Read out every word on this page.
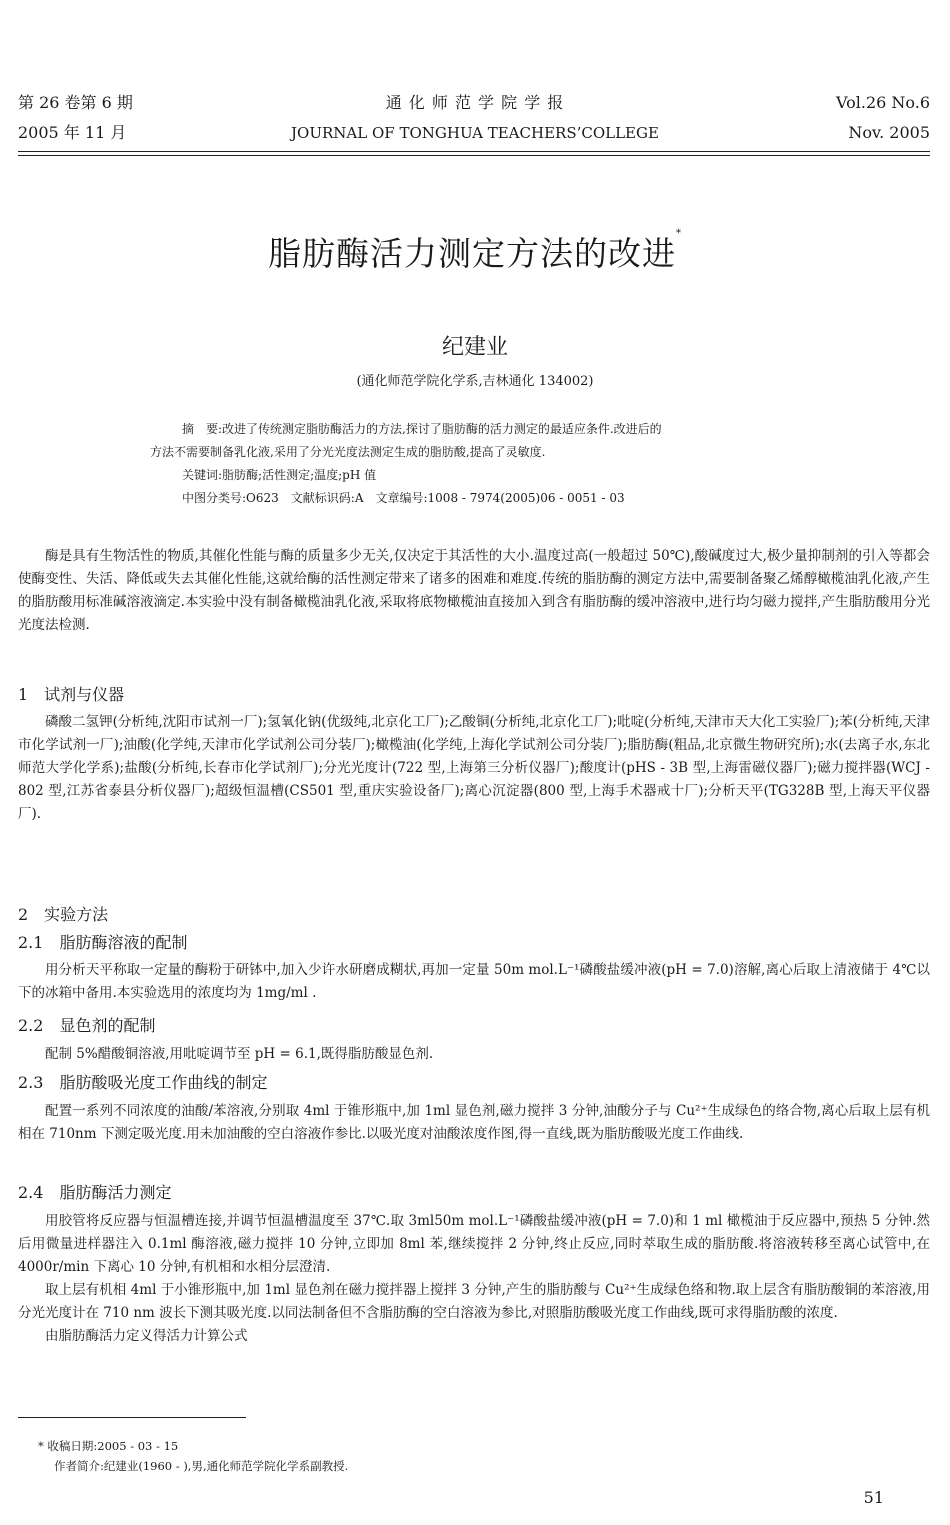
第 26 卷第 6 期
2005 年 11 月
通 化 师 范 学 院 学 报
JOURNAL OF TONGHUA TEACHERS’COLLEGE
Vol.26 No.6
Nov. 2005
脂肪酶活力测定方法的改进*
纪建业
(通化师范学院化学系,吉林通化 134002)

摘　要:改进了传统测定脂肪酶活力的方法,探讨了脂肪酶的活力测定的最适应条件.改进后的

方法不需要制备乳化液,采用了分光光度法测定生成的脂肪酸,提高了灵敏度.

关键词:脂肪酶;活性测定;温度;pH 值

中图分类号:O623　文献标识码:A　文章编号:1008 - 7974(2005)06 - 0051 - 03

酶是具有生物活性的物质,其催化性能与酶的质量多少无关,仅决定于其活性的大小.温度过高(一般超过 50℃),酸碱度过大,极少量抑制剂的引入等都会使酶变性、失活、降低或失去其催化性能,这就给酶的活性测定带来了诸多的困难和难度.传统的脂肪酶的测定方法中,需要制备聚乙烯醇橄榄油乳化液,产生的脂肪酸用标准碱溶液滴定.本实验中没有制备橄榄油乳化液,采取将底物橄榄油直接加入到含有脂肪酶的缓冲溶液中,进行均匀磁力搅拌,产生脂肪酸用分光光度法检测.

1　试剂与仪器

磷酸二氢钾(分析纯,沈阳市试剂一厂);氢氧化钠(优级纯,北京化工厂);乙酸铜(分析纯,北京化工厂);吡啶(分析纯,天津市天大化工实验厂);苯(分析纯,天津市化学试剂一厂);油酸(化学纯,天津市化学试剂公司分装厂);橄榄油(化学纯,上海化学试剂公司分装厂);脂肪酶(粗品,北京微生物研究所);水(去离子水,东北师范大学化学系);盐酸(分析纯,长春市化学试剂厂);分光光度计(722 型,上海第三分析仪器厂);酸度计(pHS - 3B 型,上海雷磁仪器厂);磁力搅拌器(WCJ - 802 型,江苏省泰县分析仪器厂);超级恒温槽(CS501 型,重庆实验设备厂);离心沉淀器(800 型,上海手术器戒十厂);分析天平(TG328B 型,上海天平仪器厂).

2　实验方法
2.1　脂肪酶溶液的配制

用分析天平称取一定量的酶粉于研钵中,加入少许水研磨成糊状,再加一定量 50m mol.L⁻¹磷酸盐缓冲液(pH = 7.0)溶解,离心后取上清液储于 4℃以下的冰箱中备用.本实验选用的浓度均为 1mg/ml .

2.2　显色剂的配制

配制 5%醋酸铜溶液,用吡啶调节至 pH = 6.1,既得脂肪酸显色剂.

2.3　脂肪酸吸光度工作曲线的制定

配置一系列不同浓度的油酸/苯溶液,分别取 4ml 于锥形瓶中,加 1ml 显色剂,磁力搅拌 3 分钟,油酸分子与 Cu²⁺生成绿色的络合物,离心后取上层有机相在 710nm 下测定吸光度.用未加油酸的空白溶液作参比.以吸光度对油酸浓度作图,得一直线,既为脂肪酸吸光度工作曲线.

2.4　脂肪酶活力测定

用胶管将反应器与恒温槽连接,并调节恒温槽温度至 37℃.取 3ml50m mol.L⁻¹磷酸盐缓冲液(pH = 7.0)和 1 ml 橄榄油于反应器中,预热 5 分钟.然后用微量进样器注入 0.1ml 酶溶液,磁力搅拌 10 分钟,立即加 8ml 苯,继续搅拌 2 分钟,终止反应,同时萃取生成的脂肪酸.将溶液转移至离心试管中,在 4000r/min 下离心 10 分钟,有机相和水相分层澄清.

取上层有机相 4ml 于小锥形瓶中,加 1ml 显色剂在磁力搅拌器上搅拌 3 分钟,产生的脂肪酸与 Cu²⁺生成绿色络和物.取上层含有脂肪酸铜的苯溶液,用分光光度计在 710 nm 波长下测其吸光度.以同法制备但不含脂肪酶的空白溶液为参比,对照脂肪酸吸光度工作曲线,既可求得脂肪酸的浓度.

由脂肪酶活力定义得活力计算公式

* 收稿日期:2005 - 03 - 15

作者简介:纪建业(1960 - ),男,通化师范学院化学系副教授.

51
